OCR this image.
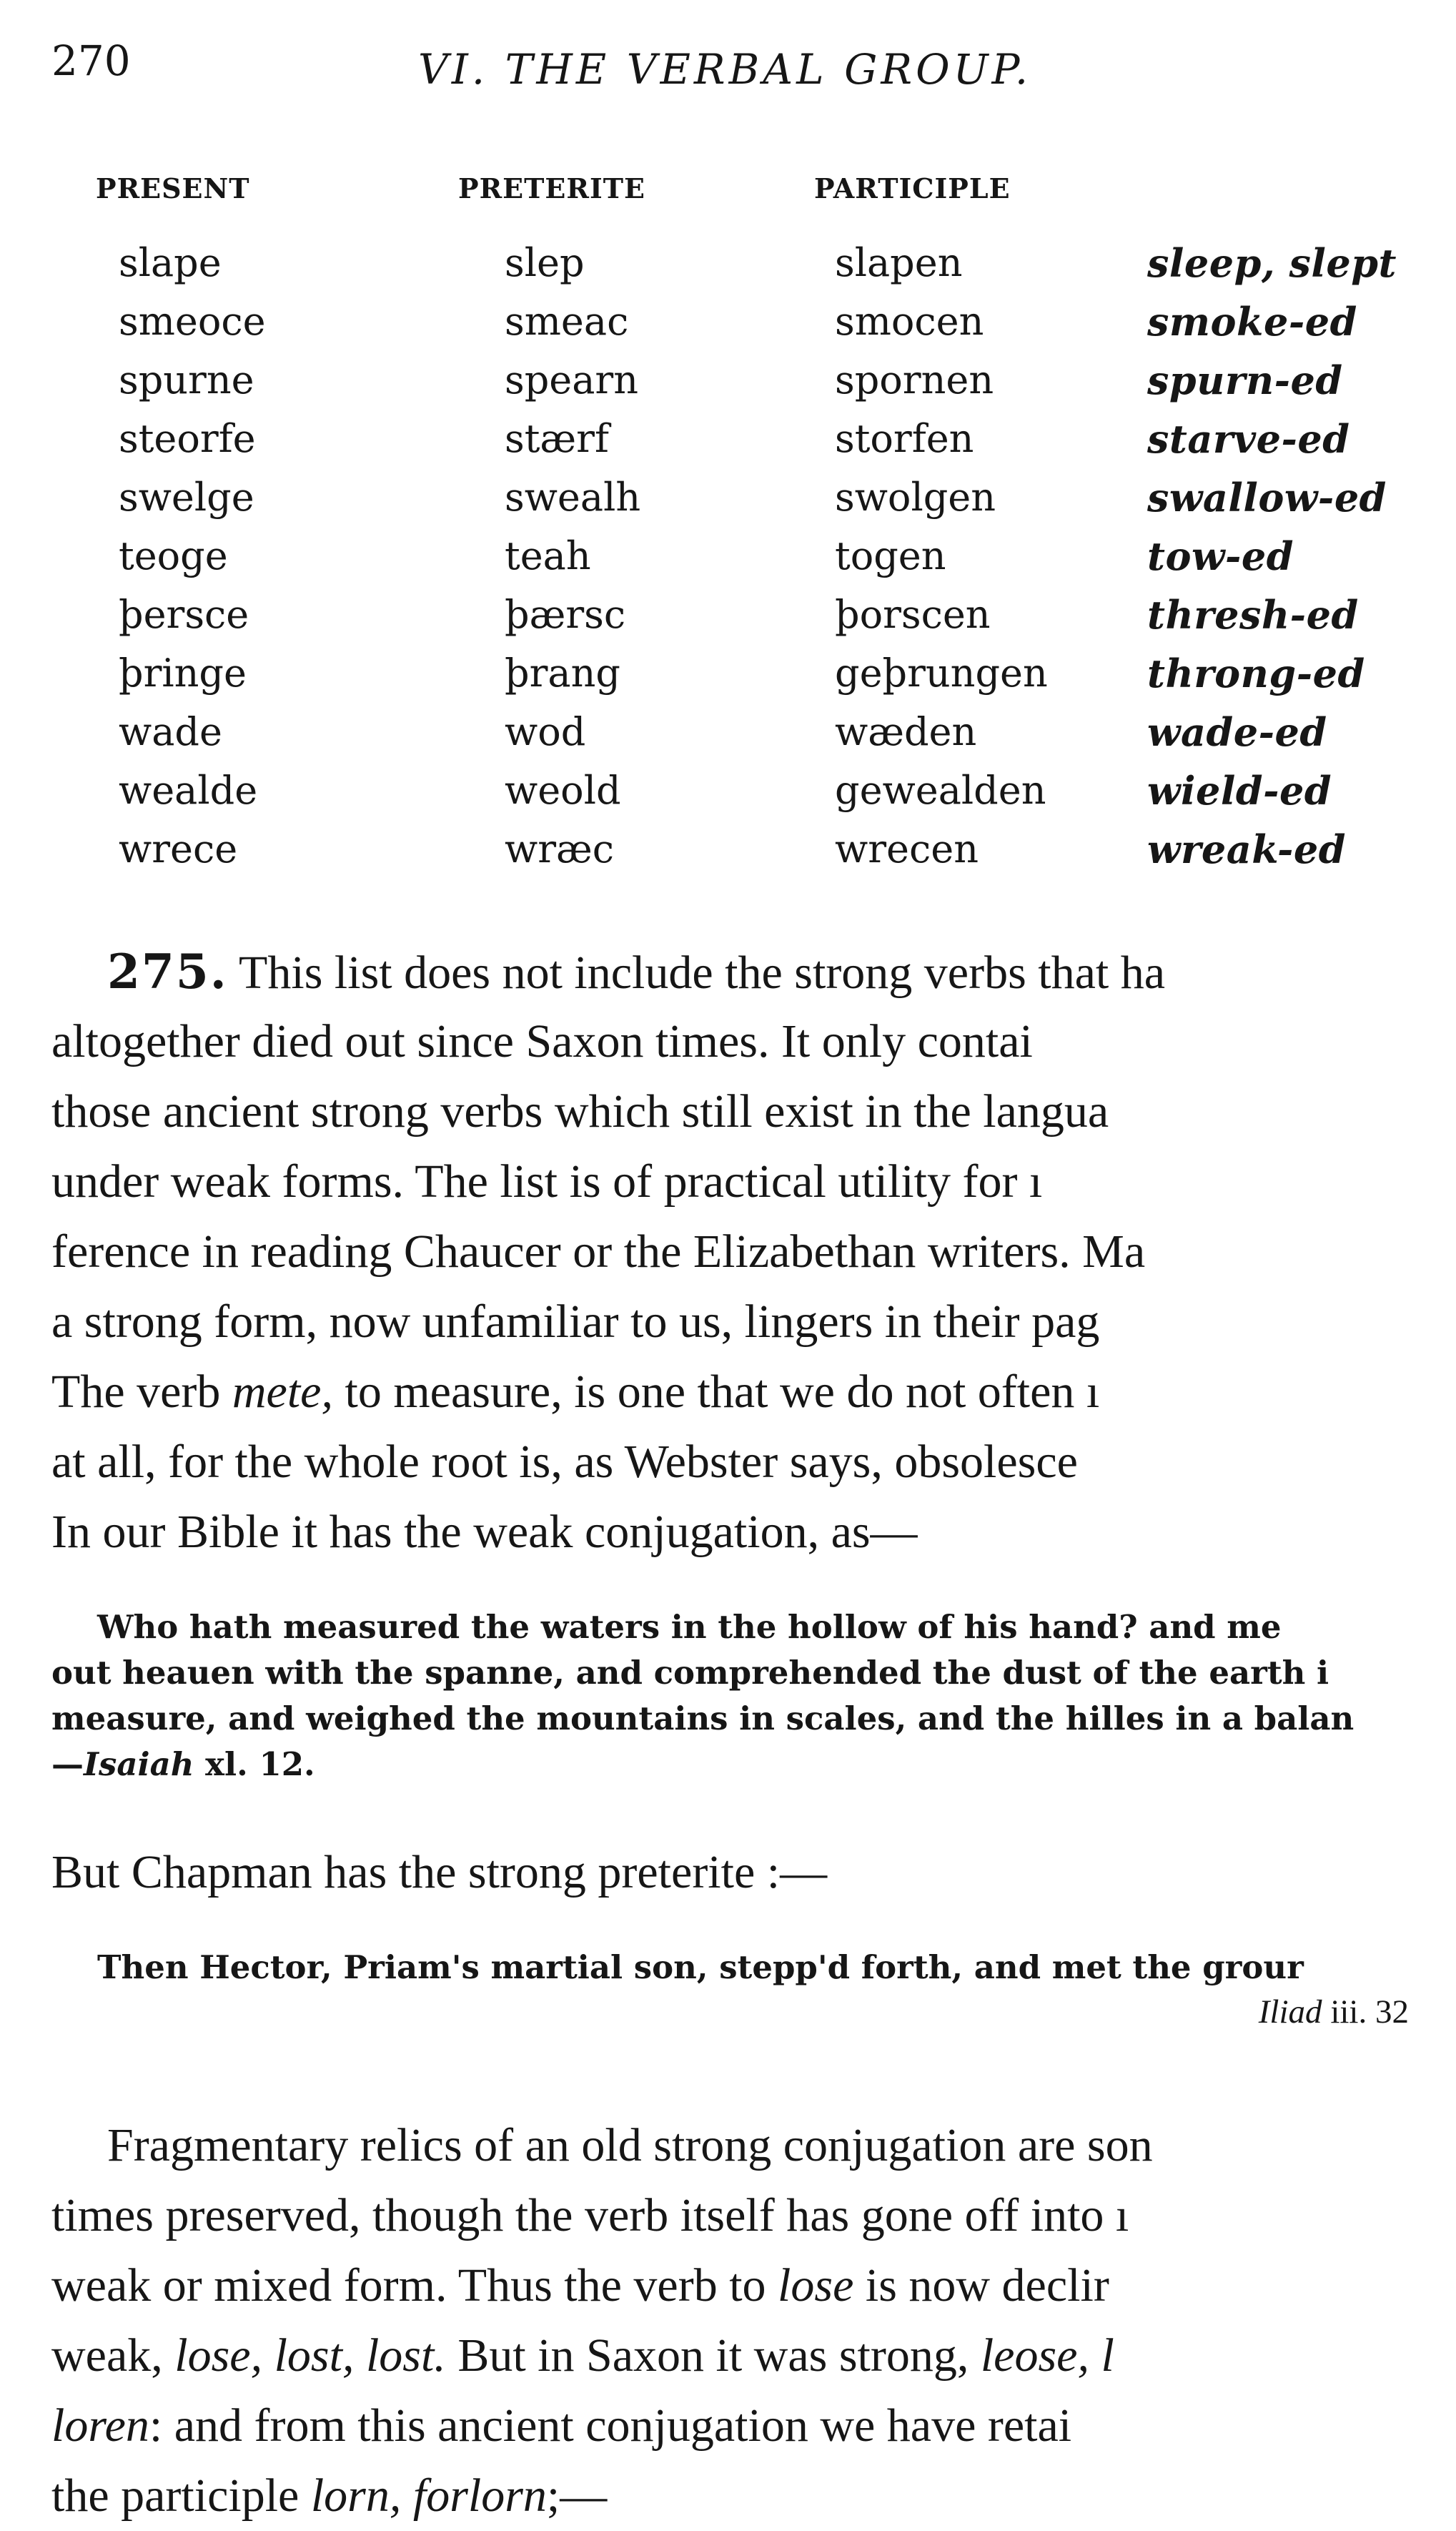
270	VI. THE VERBAL GROUP.
PRESENT	PRETERITE	PARTICIPLE
slape	slep	slapen	sleep, slept
smeoce	smeac	smocen	smoke-ed
spurne	spearn	spornen	spurn-ed
steorfe	stærf	storfen	starve-ed
swelge	swealh	swolgen	swallow-ed
teoge	teah	togen	tow-ed
þersce	þærsc	þorscen	thresh-ed
þringe	þrang	geþrungen	throng-ed
wade	wod	wæden	wade-ed
wealde	weold	gewealden	wield-ed
wrece	wræc	wrecen	wreak-ed
275. This list does not include the strong verbs that ha
altogether died out since Saxon times. It only contai
those ancient strong verbs which still exist in the langua
under weak forms. The list is of practical utility for ı
ference in reading Chaucer or the Elizabethan writers. Ma
a strong form, now unfamiliar to us, lingers in their pag
The verb mete, to measure, is one that we do not often ı
at all, for the whole root is, as Webster says, obsolesce
In our Bible it has the weak conjugation, as—
Who hath measured the waters in the hollow of his hand? and me
out heauen with the spanne, and comprehended the dust of the earth i
measure, and weighed the mountains in scales, and the hilles in a balan
—Isaiah xl. 12.
But Chapman has the strong preterite :—
Then Hector, Priam's martial son, stepp'd forth, and met the grour
Iliad iii. 32
Fragmentary relics of an old strong conjugation are son
times preserved, though the verb itself has gone off into ı
weak or mixed form. Thus the verb to lose is now declir
weak, lose, lost, lost. But in Saxon it was strong, leose, l
loren: and from this ancient conjugation we have retai
the participle lorn, forlorn;—
